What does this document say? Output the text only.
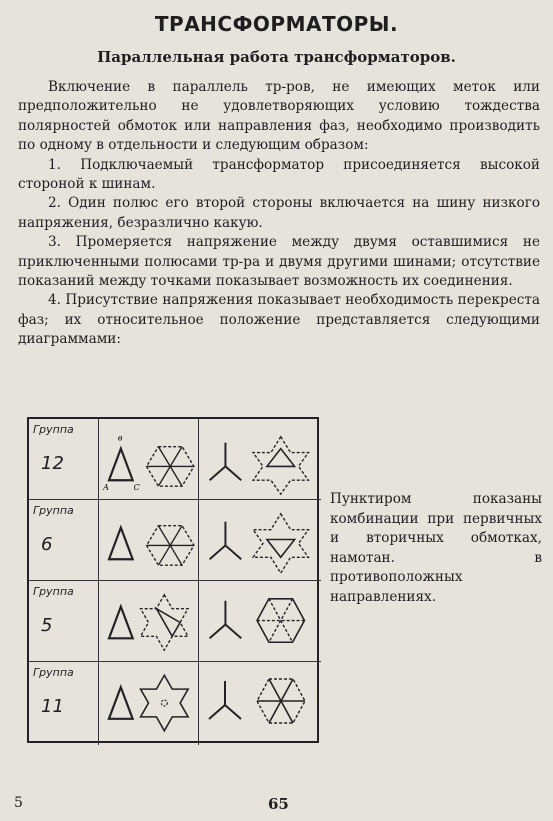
ТРАНСФОРМАТОРЫ.
Параллельная работа трансформаторов.

Включение в параллель тр-ров, не имеющих меток или предположительно не удовлетворяющих условию тождества полярностей обмоток или направления фаз, необходимо производить по одному в отдельности и следующим образом:

1. Подключаемый трансформатор присоединяется высокой стороной к шинам.

2. Один полюс его второй стороны включается на шину низкого напряжения, безразлично какую.

3. Промеряется напряжение между двумя оставшимися не приключенными полюсами тр-ра и двумя другими шинами; отсутствие показаний между точками показывает возможность их соединения.

4. Присутствие напряжения показывает необходимость перекреста фаз; их относительное положение представляется следующими диаграммами:

Группа
12
в
А	С
Группа
6
Группа
5
Группа
11
Пунктиром показаны комбинации при первичных и вторичных обмотках, намотан. в противоположных направлениях.
5	65
